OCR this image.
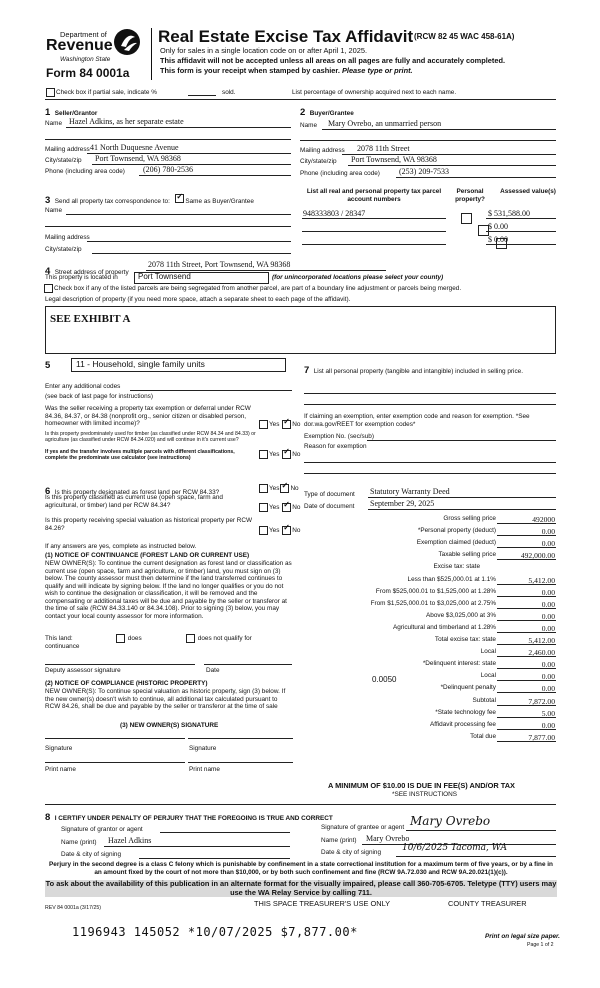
Department of
Revenue
Washington State
Form 84 0001a
Real Estate Excise Tax Affidavit (RCW 82 45 WAC 458-61A)
Only for sales in a single location code on or after April 1, 2025.
This affidavit will not be accepted unless all areas on all pages are fully and accurately completed.
This form is your receipt when stamped by cashier. Please type or print.
Check box if partial sale, indicate %	sold.	List percentage of ownership acquired next to each name.
1 Seller/Grantor
Name Hazel Adkins, as her separate estate
Mailing address 41 North Duquesne Avenue
City/state/zip Port Townsend, WA 98368
Phone (including area code) (206) 780-2536
2 Buyer/Grantee
Name Mary Ovrebo, an unmarried person
Mailing address 2078 11th Street
City/state/zip Port Townsend, WA 98368
Phone (including area code) (253) 209-7533
3 Send all property tax correspondence to: ✓ Same as Buyer/Grantee
Name
Mailing address
City/state/zip
List all real and personal property tax parcel account numbers
Personal property?
Assessed value(s)
948333803 / 28347
	$ 531,588.00

$ 0.00
$ 0.00
4 Street address of property
2078 11th Street, Port Townsend, WA 98368
This property is located in	Port Townsend	(for unincorporated locations please select your county)
Check box if any of the listed parcels are being segregated from another parcel, are part of a boundary line adjustment or parcels being merged.
Legal description of property (if you need more space, attach a separate sheet to each page of the affidavit).
SEE EXHIBIT A
5	11 - Household, single family units
Enter any additional codes
(see back of last page for instructions)
Was the seller receiving a property tax exemption or deferral under RCW 84.36, 84.37, or 84.38 (nonprofit org., senior citizen or disabled person, homeowner with limited income)?	Yes ✓ No
Is this property predominately used for timber (as classified under RCW 84.34 and 84.33) or agriculture (as classified under RCW 84.34.020) and will continue in it's current use?
If yes and the transfer involves multiple parcels with different classifications, complete the predominate use calculator (see instructions)	Yes ✓ No
6 Is this property designated as forest land per RCW 84.33?
Yes ✓ No
Is this property classified as current use (open space, farm and agricultural, or timber) land per RCW 84.34?	Yes ✓ No
Is this property receiving special valuation as historical property per RCW 84.26?	Yes ✓ No
If any answers are yes, complete as instructed below.
(1) NOTICE OF CONTINUANCE (FOREST LAND OR CURRENT USE)
NEW OWNER(S): To continue the current designation as forest land or classification as current use (open space, farm and agriculture, or timber) land, you must sign on (3) below. The county assessor must then determine if the land transferred continues to qualify and will indicate by signing below. If the land no longer qualifies or you do not wish to continue the designation or classification, it will be removed and the compensating or additional taxes will be due and payable by the seller or transferor at the time of sale (RCW 84.33.140 or 84.34.108). Prior to signing (3) below, you may contact your local county assessor for more information.
This land:	does	does not qualify for
continuance
Deputy assessor signature	Date
(2) NOTICE OF COMPLIANCE (HISTORIC PROPERTY)
NEW OWNER(S): To continue special valuation as historic property, sign (3) below. If the new owner(s) doesn't wish to continue, all additional tax calculated pursuant to RCW 84.26, shall be due and payable by the seller or transferor at the time of sale
(3) NEW OWNER(S) SIGNATURE
Signature	Signature
Print name	Print name
7 List all personal property (tangible and intangible) included in selling price.
If claiming an exemption, enter exemption code and reason for exemption. *See dor.wa.gov/REET for exemption codes*
Exemption No. (sec/sub)
Reason for exemption
Type of document Statutory Warranty Deed
Date of document September 29, 2025
Gross selling price	492000
*Personal property (deduct)	0.00
Exemption claimed (deduct)	0.00
Taxable selling price	492,000.00
Excise tax: state
Less than $525,000.01 at 1.1%	5,412.00
From $525,000.01 to $1,525,000 at 1.28%	0.00
From $1,525,000.01 to $3,025,000 at 2.75%	0.00
Above $3,025,000 at 3%	0.00
Agricultural and timberland at 1.28%	0.00
Total excise tax: state	5,412.00
Local	2,460.00
*Delinquent interest: state	0.00
Local	0.00
*Delinquent penalty	0.00
Subtotal	7,872.00
*State technology fee	5.00
Affidavit processing fee	0.00
Total due	7,877.00
0.0050
A MINIMUM OF $10.00 IS DUE IN FEE(S) AND/OR TAX
*SEE INSTRUCTIONS
8 I CERTIFY UNDER PENALTY OF PERJURY THAT THE FOREGOING IS TRUE AND CORRECT
Signature of grantor or agent
Name (print) Hazel Adkins
Date & city of signing
Signature of grantee or agent Mary Ovrebo
Name (print) Mary Ovrebo
Date & city of signing 10/6/2025 Tacoma, WA
Perjury in the second degree is a class C felony which is punishable by confinement in a state correctional institution for a maximum term of five years, or by a fine in an amount fixed by the court of not more than $10,000, or by both such confinement and fine (RCW 9A.72.030 and RCW 9A.20.021(1)(c)).
To ask about the availability of this publication in an alternate format for the visually impaired, please call 360-705-6705. Teletype (TTY) users may use the WA Relay Service by calling 711.
REV 84 0001a (3/17/25)	THIS SPACE TREASURER'S USE ONLY	COUNTY TREASURER
1196943 145052 *10/07/2025 $7,877.00*	Print on legal size paper.
Page 1 of 2
